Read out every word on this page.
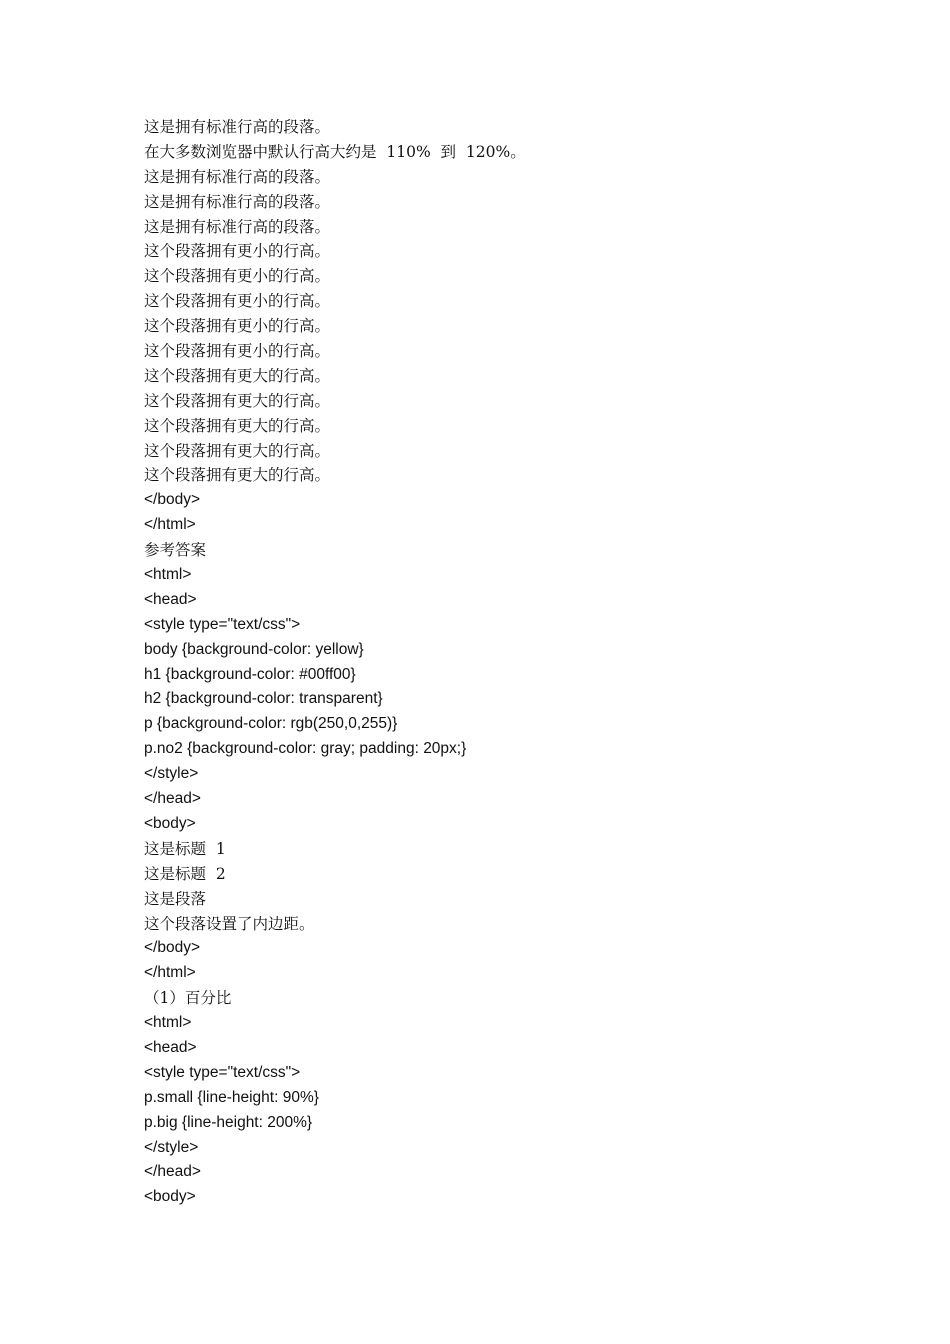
这是拥有标准行高的段落。
在大多数浏览器中默认行高大约是  110%  到  120%。
这是拥有标准行高的段落。
这是拥有标准行高的段落。
这是拥有标准行高的段落。
这个段落拥有更小的行高。
这个段落拥有更小的行高。
这个段落拥有更小的行高。
这个段落拥有更小的行高。
这个段落拥有更小的行高。
这个段落拥有更大的行高。
这个段落拥有更大的行高。
这个段落拥有更大的行高。
这个段落拥有更大的行高。
这个段落拥有更大的行高。
</body>
</html>
参考答案
<html>
<head>
<style type="text/css">
body {background-color: yellow}
h1 {background-color: #00ff00}
h2 {background-color: transparent}
p {background-color: rgb(250,0,255)}
p.no2 {background-color: gray; padding: 20px;}
</style>
</head>
<body>
这是标题  1
这是标题  2
这是段落
这个段落设置了内边距。
</body>
</html>
（1）百分比
<html>
<head>
<style type="text/css">
p.small {line-height: 90%}
p.big {line-height: 200%}
</style>
</head>
<body>
